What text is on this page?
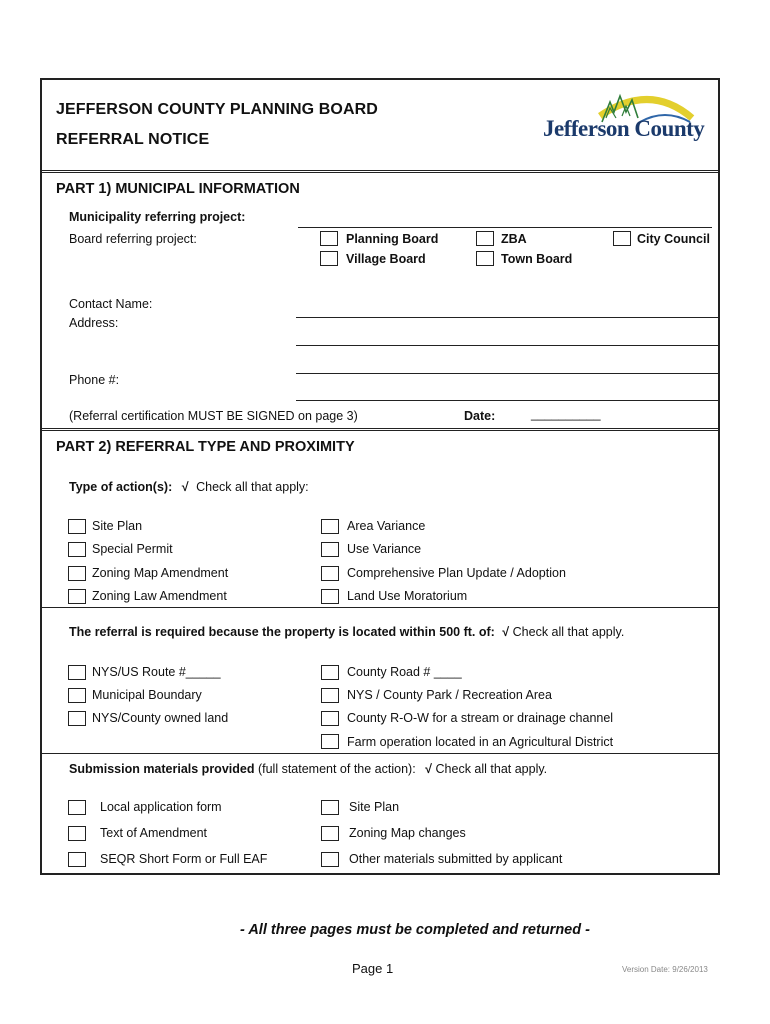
JEFFERSON COUNTY PLANNING BOARD
REFERRAL NOTICE	Jefferson County
PART 1) MUNICIPAL INFORMATION
Municipality referring project:
Board referring project:	Planning Board	ZBA	City Council
Village Board	Town Board
Contact Name:
Address:
Phone #:
(Referral certification MUST BE SIGNED on page 3)	Date:	__________
PART 2) REFERRAL TYPE AND PROXIMITY
Type of action(s): √ Check all that apply:
Site Plan
Special Permit
Zoning Map Amendment
Zoning Law Amendment
Area Variance
Use Variance
Comprehensive Plan Update / Adoption
Land Use Moratorium
The referral is required because the property is located within 500 ft. of: √ Check all that apply.
NYS/US Route #_____
Municipal Boundary
NYS/County owned land
County Road # ____
NYS / County Park / Recreation Area
County R-O-W for a stream or drainage channel
Farm operation located in an Agricultural District
Submission materials provided (full statement of the action): √ Check all that apply.
Local application form
Text of Amendment
SEQR Short Form or Full EAF
Site Plan
Zoning Map changes
Other materials submitted by applicant
- All three pages must be completed and returned -
Page 1	Version Date: 9/26/2013
